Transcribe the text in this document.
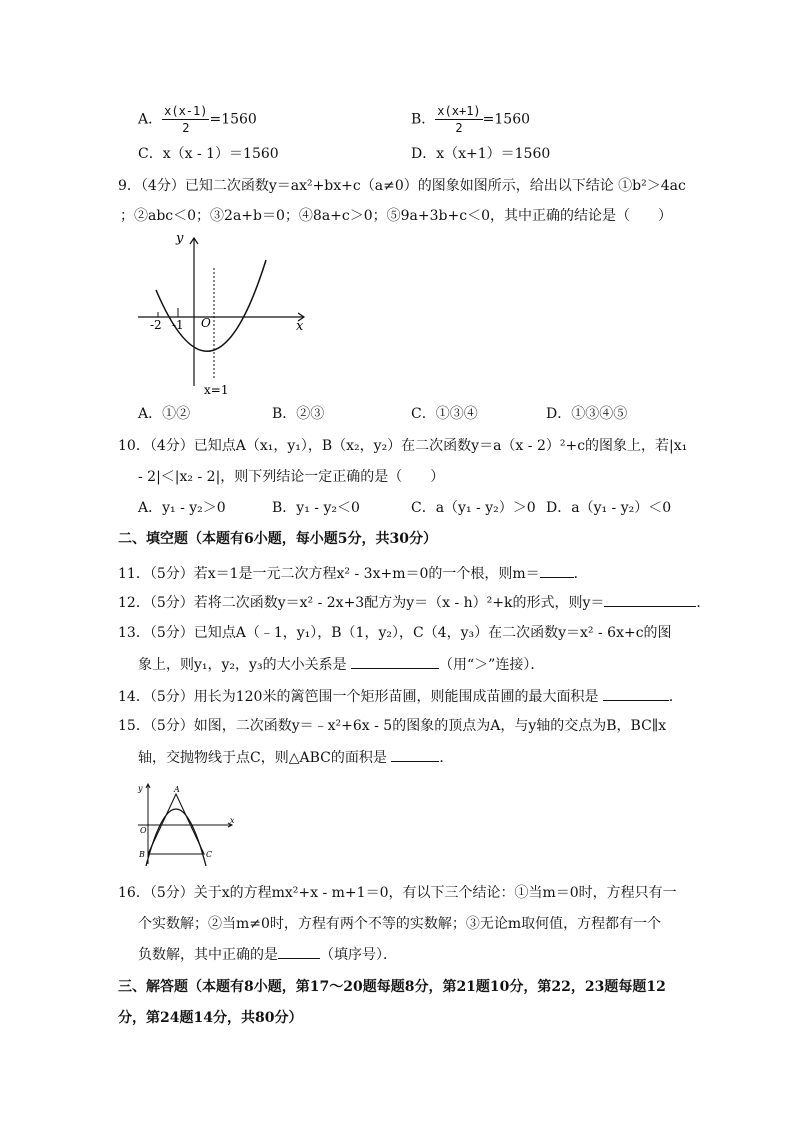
A． $\frac{x(x-1)}{2} =1560$	B． $\frac{x(x+1)}{2} =1560$
C．x（x - 1）＝1560	D．x（x+1）＝1560
9．（4分）已知二次函数y＝ax²+bx+c（a≠0）的图象如图所示，给出以下结论 ①b²＞4ac
；②abc＜0；③2a+b＝0；④8a+c＞0；⑤9a+3b+c＜0，其中正确的结论是（　　）
y
x
O
-2 -1
x=1
A．①②	B．②③	C．①③④	D．①③④⑤
10．（4分）已知点A（x₁，y₁），B（x₂，y₂）在二次函数y＝a（x - 2）²+c的图象上，若|x₁
- 2|＜|x₂ - 2|，则下列结论一定正确的是（　　）
A．y₁ - y₂＞0	B．y₁ - y₂＜0	C．a（y₁ - y₂）＞0 D．a（y₁ - y₂）＜0
二、填空题（本题有6小题，每小题5分，共30分）
11．（5分）若x＝1是一元二次方程x² - 3x+m＝0的一个根，则m＝ ．
12．（5分）若将二次函数y＝x² - 2x+3配方为y＝（x - h）²+k的形式，则y＝	．
13．（5分）已知点A（﹣1，y₁），B（1，y₂），C（4，y₃）在二次函数y＝x² - 6x+c的图
象上，则y₁，y₂，y₃的大小关系是	（用“＞”连接）．
14．（5分）用长为120米的篱笆围一个矩形苗圃，则能围成苗圃的最大面积是	．
15．（5分）如图，二次函数y＝﹣x²+6x - 5的图象的顶点为A，与y轴的交点为B，BC∥x
轴，交抛物线于点C，则△ABC的面积是	．
y
x
O
A
B	C
16．（5分）关于x的方程mx²+x - m+1＝0，有以下三个结论：①当m＝0时，方程只有一
个实数解；②当m≠0时，方程有两个不等的实数解；③无论m取何值，方程都有一个
负数解，其中正确的是	（填序号）．
三、解答题（本题有8小题，第17～20题每题8分，第21题10分，第22，23题每题12
分，第24题14分，共80分）
